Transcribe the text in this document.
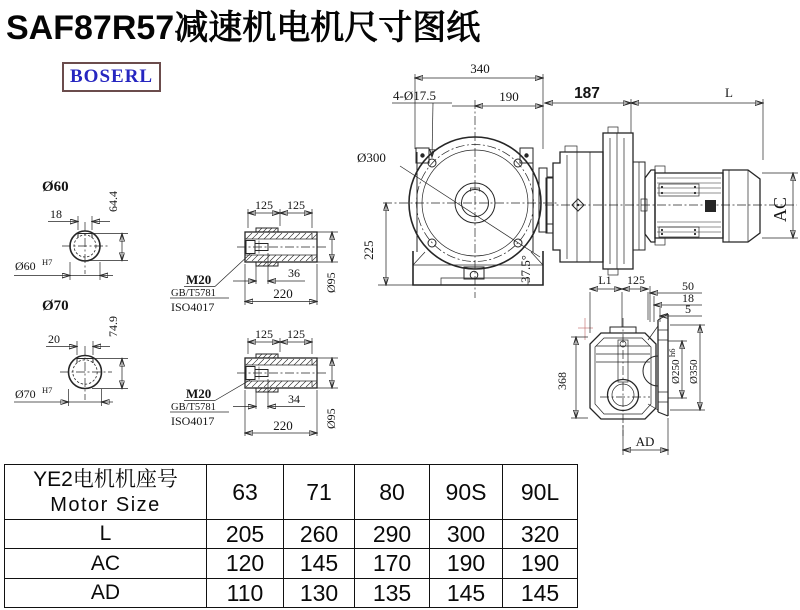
SAF87R57减速机电机尺寸图纸
BOSERL
Ø300
340
190
4-Ø17.5
225
37.5°
187	L
AC
L1 125	50
18
5
368	Ø250
h6
Ø350
AD
Ø60
18
64.4
Ø60 H7
Ø70
20
74.9
Ø70 H7
125 125
36
220
Ø95
M20
GB/T5781
ISO4017
125 125
34
220	Ø95
M20
GB/T5781
ISO4017
YE2电机机座号
Motor Size	63	71	80	90S	90L
L	205	260	290	300	320
AC	120	145	170	190	190
AD	110	130	135	145	145
